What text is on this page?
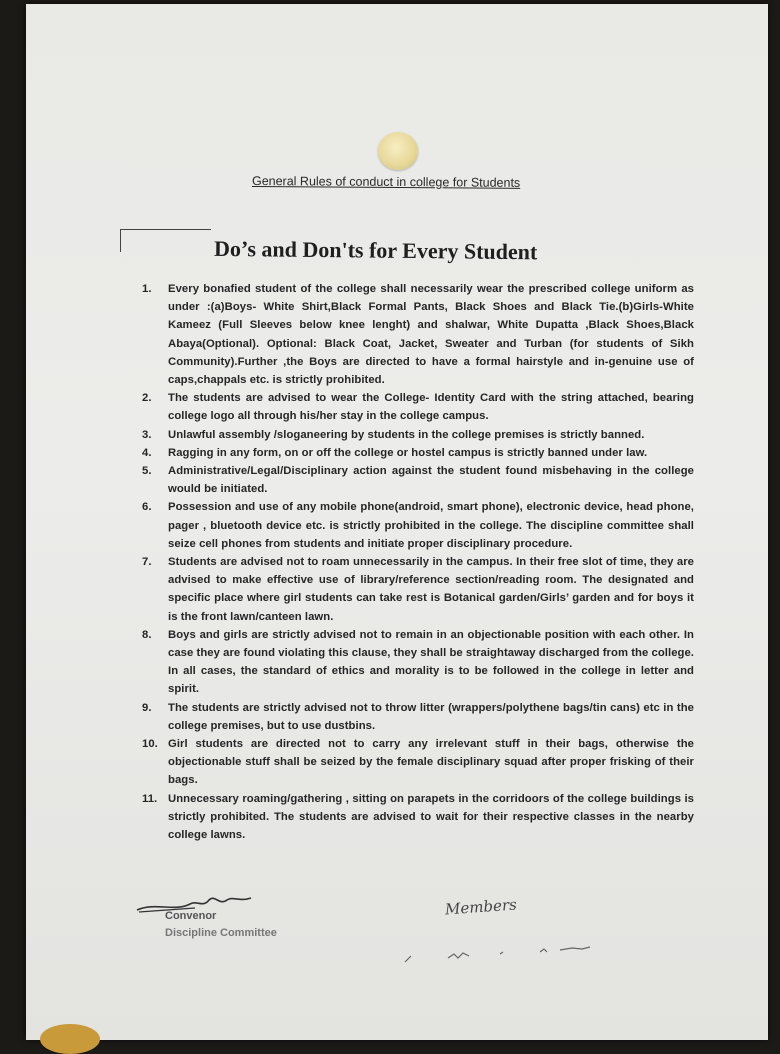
General Rules of conduct in college for Students
Do’s and Don'ts for Every Student
1.	Every bonafied student of the college shall necessarily wear the prescribed college uniform as under :(a)Boys- White Shirt,Black Formal Pants, Black Shoes and Black Tie.(b)Girls-White Kameez (Full Sleeves below knee lenght) and shalwar, White Dupatta ,Black Shoes,Black Abaya(Optional). Optional: Black Coat, Jacket, Sweater and Turban (for students of Sikh Community).Further ,the Boys are directed to have a formal hairstyle and in-genuine use of caps,chappals etc. is strictly prohibited.
2.	The students are advised to wear the College- Identity Card with the string attached, bearing college logo all through his/her stay in the college campus.
3.	Unlawful assembly /sloganeering by students in the college premises is strictly banned.
4.	Ragging in any form, on or off the college or hostel campus is strictly banned under law.
5.	Administrative/Legal/Disciplinary action against the student found misbehaving in the college would be initiated.
6.	Possession and use of any mobile phone(android, smart phone), electronic device, head phone, pager , bluetooth device etc. is strictly prohibited in the college. The discipline committee shall seize cell phones from students and initiate proper disciplinary procedure.
7.	Students are advised not to roam unnecessarily in the campus. In their free slot of time, they are advised to make effective use of library/reference section/reading room. The designated and specific place where girl students can take rest is Botanical garden/Girls’ garden and for boys it is the front lawn/canteen lawn.
8.	Boys and girls are strictly advised not to remain in an objectionable position with each other. In case they are found violating this clause, they shall be straightaway discharged from the college. In all cases, the standard of ethics and morality is to be followed in the college in letter and spirit.
9.	The students are strictly advised not to throw litter (wrappers/polythene bags/tin cans) etc in the college premises, but to use dustbins.
10. Girl students are directed not to carry any irrelevant stuff in their bags, otherwise the objectionable stuff shall be seized by the female disciplinary squad after proper frisking of their bags.
11. Unnecessary roaming/gathering , sitting on parapets in the corridoors of the college buildings is strictly prohibited. The students are advised to wait for their respective classes in the nearby college lawns.
Convenor
Discipline Committee
Members
